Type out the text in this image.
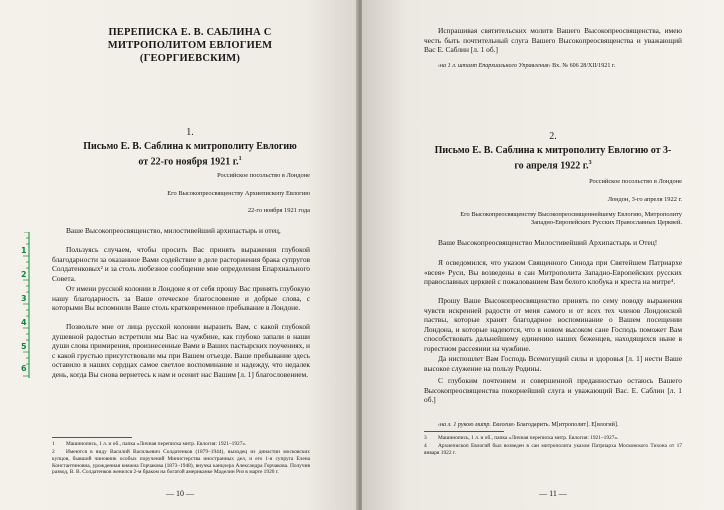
ПЕРЕПИСКА Е. В. САБЛИНА С МИТРОПОЛИТОМ ЕВЛОГИЕМ (ГЕОРГИЕВСКИМ)
1.
Письмо Е. В. Саблина к митрополиту Евлогию от 22-го ноября 1921 г.$^1$
Российское посольство в Лондоне
Его Высокопреосвященству Архиепископу Евлогию
22-го ноября 1921 года
Ваше Высокопреосвященство, милостивейший архипастырь и отец,
Пользуясь случаем, чтобы просить Вас принять выражения глубокой благодарности за оказанное Вами содействие в деле расторжения брака супругов Солдатенковых² и за столь любезное сообщение мне определения Епархиального Совета.
От имени русской колонии в Лондоне я от себя прошу Вас принять глубокую нашу благодарность за Ваше отеческое благословение и добрые слова, с которыми Вы вспомнили Ваше столь кратковременное пребывание в Лондоне.
Позвольте мне от лица русской колонии выразить Вам, с какой глубокой душевной радостью встретили мы Вас на чужбине, как глубоко запали в наши души слова примирения, произнесенные Вами в Ваших пастырских поучениях, и с какой грустью присутствовали мы при Вашем отъезде. Ваше пребывание здесь оставило в наших сердцах самое светлое воспоминание и надежду, что недалек день, когда Вы снова вернетесь к нам и осенит нас Вашим [л. 1] благословением.
1 Машинопись, 1 л. и об., папка «Личная переписка митр. Евлогия: 1921–1927».
2 Имеются в виду Василий Васильевич Солдатенков (1879–1944), выходец из династии московских купцов, бывший чиновник особых поручений Министерства иностранных дел, и его 1-я супруга Елена Константиновна, урожденная княжна Горчакова (1873–1948), внучка канцлера Александра Горчакова. Получив развод, В. В. Солдатенков женился 2-м браком на богатой американке Маделин Риз в марте 1920 г.
— 10 —
1
2
3
4
5
6
Испрашивая святительских молитв Вашего Высокопреосвященства, имею честь быть почтительный слуга Вашего Высокопреосвященства и уважающий Вас Е. Саблин [л. 1 об.]
‹на 1 л. штамп Епархиального Управления› Вх. № 606 28/XII/1921 г.
2.
Письмо Е. В. Саблина к митрополиту Евлогию от 3-го апреля 1922 г.$^3$
Российское посольство в Лондоне
Лондон, 3-го апреля 1922 г.
Его Высокопреосвященству Высокопреосвященнейшему Евлогию, Митрополиту Западно-Европейских Русских Православных Церквей.
Ваше Высокопреосвященство Милостивейший Архипастырь и Отец!
Я осведомился, что указом Священного Синода при Святейшем Патриархе «всея» Руси, Вы возведены в сан Митрополита Западно-Европейских русских православных церквей с пожалованием Вам белого клобука и креста на митре⁴.
Прошу Ваше Высокопреосвященство принять по сему поводу выражения чувств искренней радости от меня самого и от всех тех членов Лондонской паствы, которые хранят благодарное воспоминание о Вашем посещении Лондона, и которые надеются, что в новом высоком сане Господь поможет Вам способствовать дальнейшему единению наших беженцев, находящихся ныне в горестном рассеянии на чужбине.
Да ниспошлет Вам Господь Всемогущий силы и здоровья [л. 1] нести Ваше высокое служение на пользу Родины.
С глубоким почтением и совершенной преданностью остаюсь Вашего Высокопреосвященства покорнейший слуга и уважающий Вас. Е. Саблин [л. 1 об.]
‹на л. 1 рукою митр. Евлогия› Благодарить. М[итрополит]. Е[влогий].
3 Машинопись, 1 л. и об., папка «Личная переписка митр. Евлогия: 1921–1927».
4 Архиепископ Евлогий был возведен в сан митрополита указом Патриарха Московского Тихона от 17 января 1922 г.
— 11 —
